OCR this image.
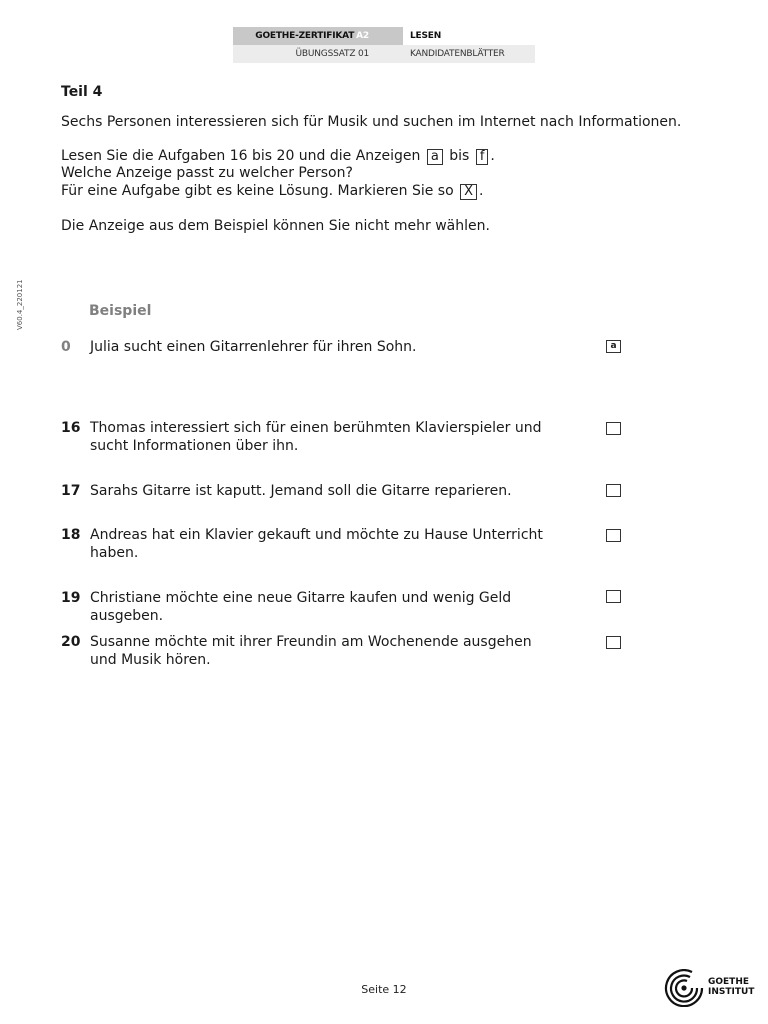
GOETHE-ZERTIFIKAT A2	LESEN
ÜBUNGSSATZ 01	KANDIDATENBLÄTTER
V60.4_220121
Teil 4
Sechs Personen interessieren sich für Musik und suchen im Internet nach Informationen.
Lesen Sie die Aufgaben 16 bis 20 und die Anzeigen a bis f .
Welche Anzeige passt zu welcher Person?
Für eine Aufgabe gibt es keine Lösung. Markieren Sie so X .
Die Anzeige aus dem Beispiel können Sie nicht mehr wählen.
Beispiel
0 Julia sucht einen Gitarrenlehrer für ihren Sohn.	a
16 Thomas interessiert sich für einen berühmten Klavierspieler und sucht Informationen über ihn.
17 Sarahs Gitarre ist kaputt. Jemand soll die Gitarre reparieren.
18 Andreas hat ein Klavier gekauft und möchte zu Hause Unterricht haben.
19 Christiane möchte eine neue Gitarre kaufen und wenig Geld ausgeben.
20 Susanne möchte mit ihrer Freundin am Wochenende ausgehen und Musik hören.
Seite 12
GOETHE
INSTITUT
